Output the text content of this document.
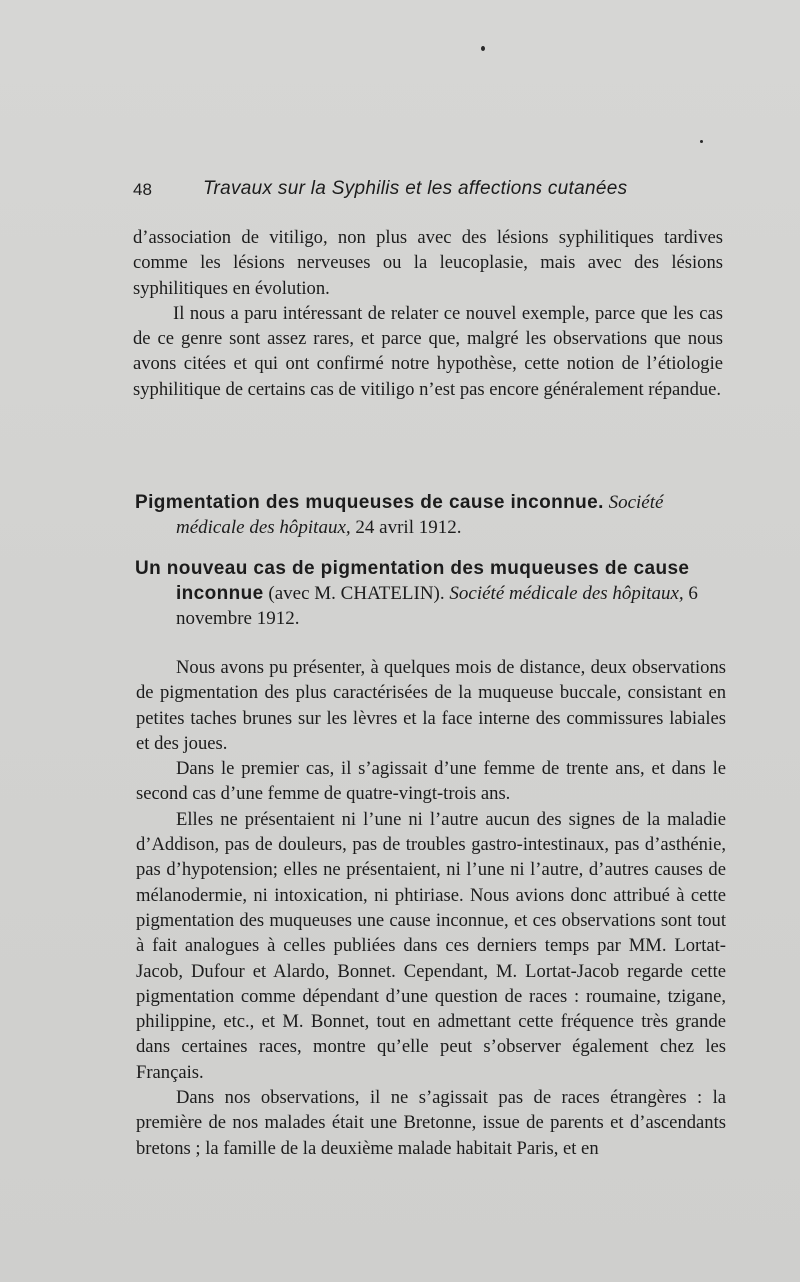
48	Travaux sur la Syphilis et les affections cutanées

d’association de vitiligo, non plus avec des lésions syphilitiques tardives comme les lésions nerveuses ou la leucoplasie, mais avec des lésions syphilitiques en évolution.

Il nous a paru intéressant de relater ce nouvel exemple, parce que les cas de ce genre sont assez rares, et parce que, malgré les observations que nous avons citées et qui ont confirmé notre hypothèse, cette notion de l’étiologie syphilitique de certains cas de vitiligo n’est pas encore généralement répandue.

Pigmentation des muqueuses de cause inconnue. Société médicale des hôpitaux, 24 avril 1912.
Un nouveau cas de pigmentation des muqueuses de cause inconnue (avec M. CHATELIN). Société médicale des hôpitaux, 6 novembre 1912.

Nous avons pu présenter, à quelques mois de distance, deux observations de pigmentation des plus caractérisées de la muqueuse buccale, consistant en petites taches brunes sur les lèvres et la face interne des commissures labiales et des joues.

Dans le premier cas, il s’agissait d’une femme de trente ans, et dans le second cas d’une femme de quatre-vingt-trois ans.

Elles ne présentaient ni l’une ni l’autre aucun des signes de la maladie d’Addison, pas de douleurs, pas de troubles gastro-intestinaux, pas d’asthénie, pas d’hypotension; elles ne présentaient, ni l’une ni l’autre, d’autres causes de mélanodermie, ni intoxication, ni phtiriase. Nous avions donc attribué à cette pigmentation des muqueuses une cause inconnue, et ces observations sont tout à fait analogues à celles publiées dans ces derniers temps par MM. Lortat-Jacob, Dufour et Alardo, Bonnet. Cependant, M. Lortat-Jacob regarde cette pigmentation comme dépendant d’une question de races : roumaine, tzigane, philippine, etc., et M. Bonnet, tout en admettant cette fréquence très grande dans certaines races, montre qu’elle peut s’observer également chez les Français.

Dans nos observations, il ne s’agissait pas de races étrangères : la première de nos malades était une Bretonne, issue de parents et d’ascendants bretons ; la famille de la deuxième malade habitait Paris, et en
